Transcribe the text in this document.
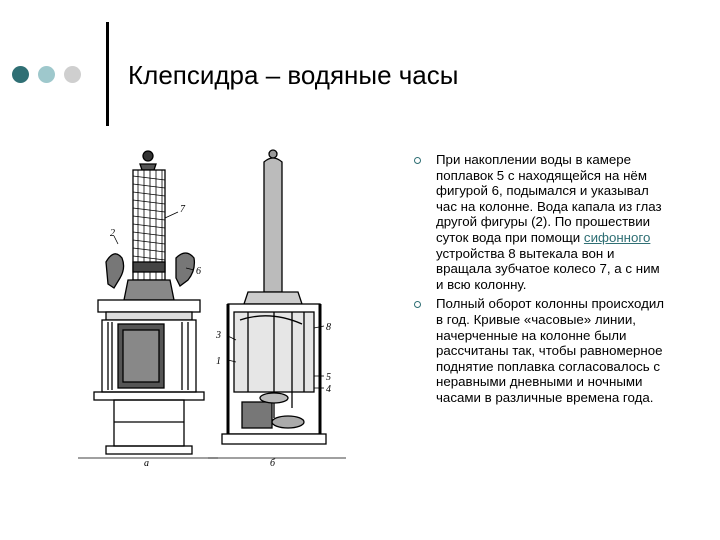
Клепсидра – водяные часы
2
7
6
a
3
8
1
5
4
б
При накоплении воды в камере поплавок 5 с находящейся на нём фигурой 6, подымался и указывал час на колонне. Вода капала из глаз другой фигуры (2). По прошествии суток вода при помощи сифонного устройства 8 вытекала вон и вращала зубчатое колесо 7, а с ним и всю колонну.
Полный оборот колонны происходил в год. Кривые «часовые» линии, начерченные на колонне были рассчитаны так, чтобы равномерное поднятие поплавка согласовалось с неравными дневными и ночными часами в различные времена года.
